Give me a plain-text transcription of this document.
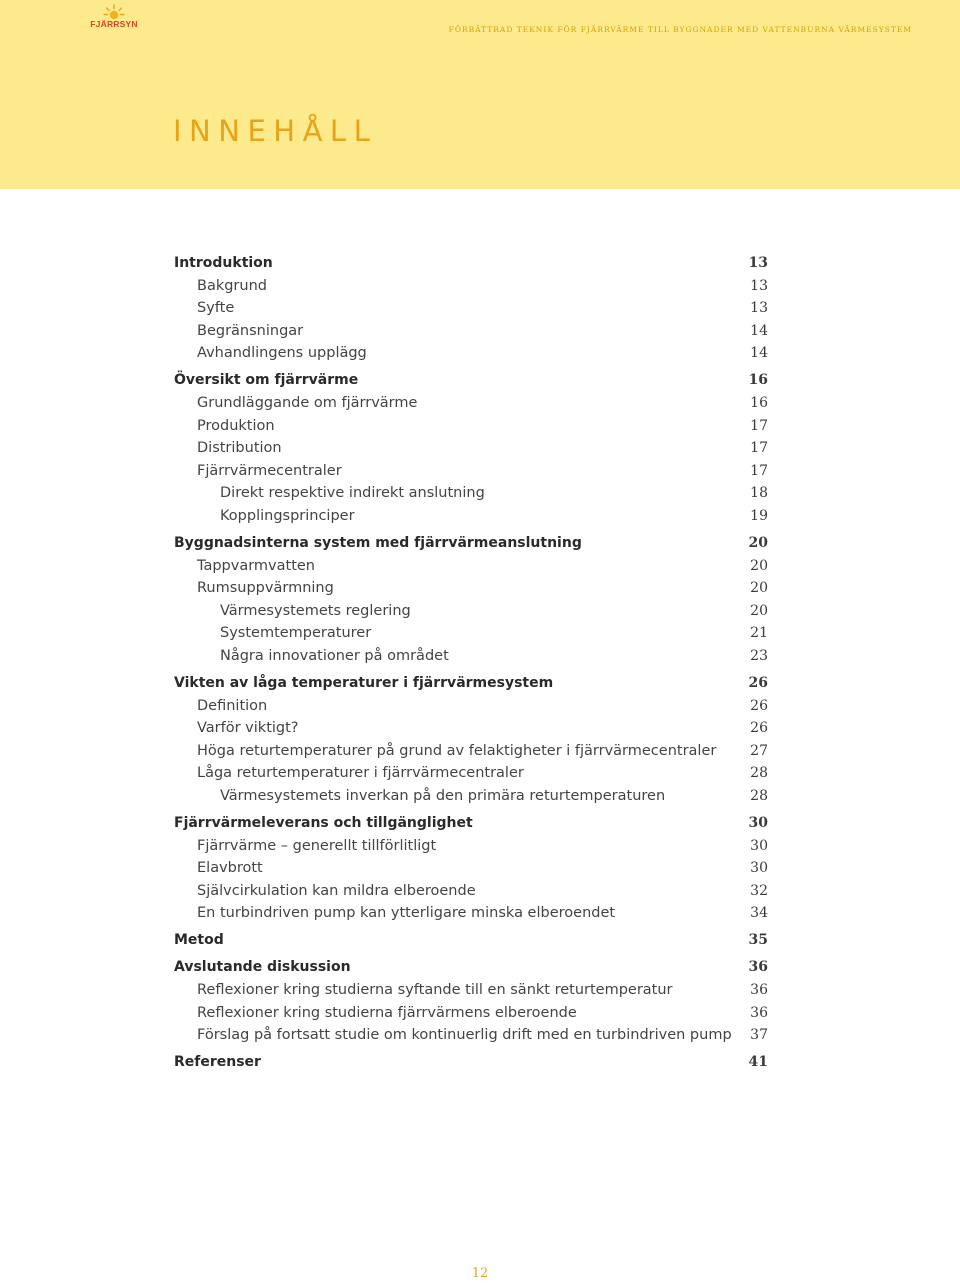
FJÄRRSYN
FÖRBÄTTRAD TEKNIK FÖR FJÄRRVÄRME TILL BYGGNADER MED VATTENBURNA VÄRMESYSTEM
INNEHÅLL
Introduktion	13
Bakgrund	13
Syfte	13
Begränsningar	14
Avhandlingens upplägg	14
Översikt om fjärrvärme	16
Grundläggande om fjärrvärme	16
Produktion	17
Distribution	17
Fjärrvärmecentraler	17
Direkt respektive indirekt anslutning	18
Kopplingsprinciper	19
Byggnadsinterna system med fjärrvärmeanslutning	20
Tappvarmvatten	20
Rumsuppvärmning	20
Värmesystemets reglering	20
Systemtemperaturer	21
Några innovationer på området	23
Vikten av låga temperaturer i fjärrvärmesystem	26
Definition	26
Varför viktigt?	26
Höga returtemperaturer på grund av felaktigheter i fjärrvärmecentraler 27
Låga returtemperaturer i fjärrvärmecentraler	28
Värmesystemets inverkan på den primära returtemperaturen	28
Fjärrvärmeleverans och tillgänglighet	30
Fjärrvärme – generellt tillförlitligt	30
Elavbrott	30
Självcirkulation kan mildra elberoende	32
En turbindriven pump kan ytterligare minska elberoendet	34
Metod	35
Avslutande diskussion	36
Reflexioner kring studierna syftande till en sänkt returtemperatur	36
Reflexioner kring studierna fjärrvärmens elberoende	36
Förslag på fortsatt studie om kontinuerlig drift med en turbindriven pump 37
Referenser	41
12
